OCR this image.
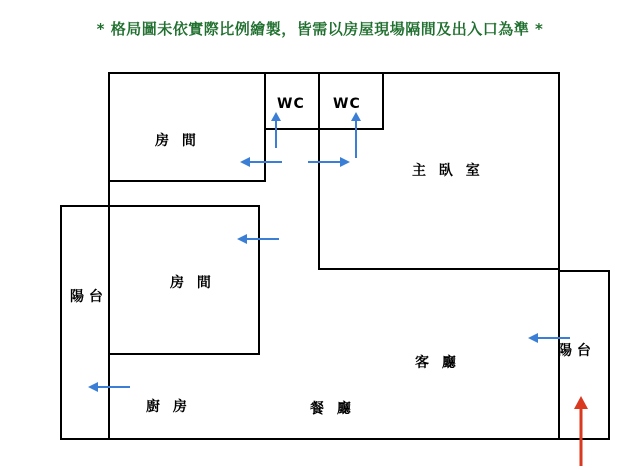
* 格局圖未依實際比例繪製，皆需以房屋現場隔間及出入口為準 *
房 間
房 間
主 臥 室
客 廳
餐 廳
廚 房
陽 台
陽 台
WC WC
